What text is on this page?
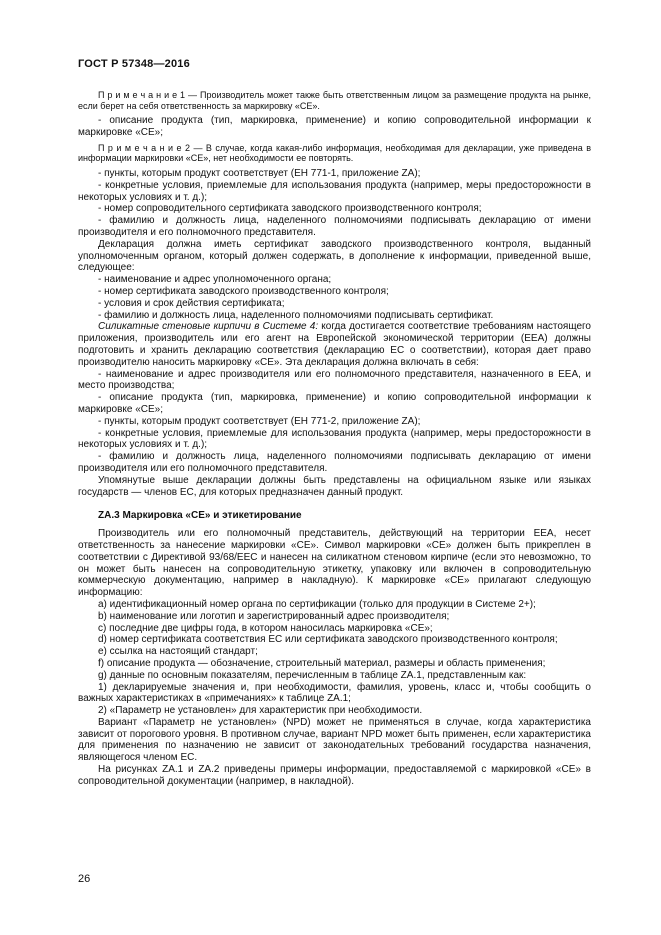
ГОСТ Р 57348—2016

П р и м е ч а н и е 1 — Производитель может также быть ответственным лицом за размещение продукта на рынке, если берет на себя ответственность за маркировку «СЕ».

- описание продукта (тип, маркировка, применение) и копию сопроводительной информации к маркировке «СЕ»;

П р и м е ч а н и е 2 — В случае, когда какая-либо информация, необходимая для декларации, уже приведена в информации маркировки «СЕ», нет необходимости ее повторять.

- пункты, которым продукт соответствует (ЕН 771-1, приложение ZA);

- конкретные условия, приемлемые для использования продукта (например, меры предосторожности в некоторых условиях и т. д.);

- номер сопроводительного сертификата заводского производственного контроля;

- фамилию и должность лица, наделенного полномочиями подписывать декларацию от имени производителя и его полномочного представителя.

Декларация должна иметь сертификат заводского производственного контроля, выданный уполномоченным органом, который должен содержать, в дополнение к информации, приведенной выше, следующее:

- наименование и адрес уполномоченного органа;

- номер сертификата заводского производственного контроля;

- условия и срок действия сертификата;

- фамилию и должность лица, наделенного полномочиями подписывать сертификат.

Силикатные стеновые кирпичи в Системе 4: когда достигается соответствие требованиям настоящего приложения, производитель или его агент на Европейской экономической территории (ЕЕА) должны подготовить и хранить декларацию соответствия (декларацию ЕС о соответствии), которая дает право производителю наносить маркировку «СЕ». Эта декларация должна включать в себя:

- наименование и адрес производителя или его полномочного представителя, назначенного в ЕЕА, и место производства;

- описание продукта (тип, маркировка, применение) и копию сопроводительной информации к маркировке «СЕ»;

- пункты, которым продукт соответствует (ЕН 771-2, приложение ZA);

- конкретные условия, приемлемые для использования продукта (например, меры предосторожности в некоторых условиях и т. д.);

- фамилию и должность лица, наделенного полномочиями подписывать декларацию от имени производителя или его полномочного представителя.

Упомянутые выше декларации должны быть представлены на официальном языке или языках государств — членов ЕС, для которых предназначен данный продукт.

ZA.3 Маркировка «СЕ» и этикетирование

Производитель или его полномочный представитель, действующий на территории ЕЕА, несет ответственность за нанесение маркировки «СЕ». Символ маркировки «СЕ» должен быть прикреплен в соответствии с Директивой 93/68/ЕЕС и нанесен на силикатном стеновом кирпиче (если это невозможно, то он может быть нанесен на сопроводительную этикетку, упаковку или включен в сопроводительную коммерческую документацию, например в накладную). К маркировке «СЕ» прилагают следующую информацию:

a) идентификационный номер органа по сертификации (только для продукции в Системе 2+);

b) наименование или логотип и зарегистрированный адрес производителя;

c) последние две цифры года, в котором наносилась маркировка «СЕ»;

d) номер сертификата соответствия ЕС или сертификата заводского производственного контроля;

e) ссылка на настоящий стандарт;

f) описание продукта — обозначение, строительный материал, размеры и область применения;

g) данные по основным показателям, перечисленным в таблице ZA.1, представленным как:

1) декларируемые значения и, при необходимости, фамилия, уровень, класс и, чтобы сообщить о важных характеристиках в «примечаниях» к таблице ZA.1;

2) «Параметр не установлен» для характеристик при необходимости.

Вариант «Параметр не установлен» (NPD) может не применяться в случае, когда характеристика зависит от порогового уровня. В противном случае, вариант NPD может быть применен, если характеристика для применения по назначению не зависит от законодательных требований государства назначения, являющегося членом ЕС.

На рисунках ZA.1 и ZA.2 приведены примеры информации, предоставляемой с маркировкой «СЕ» в сопроводительной документации (например, в накладной).

26
